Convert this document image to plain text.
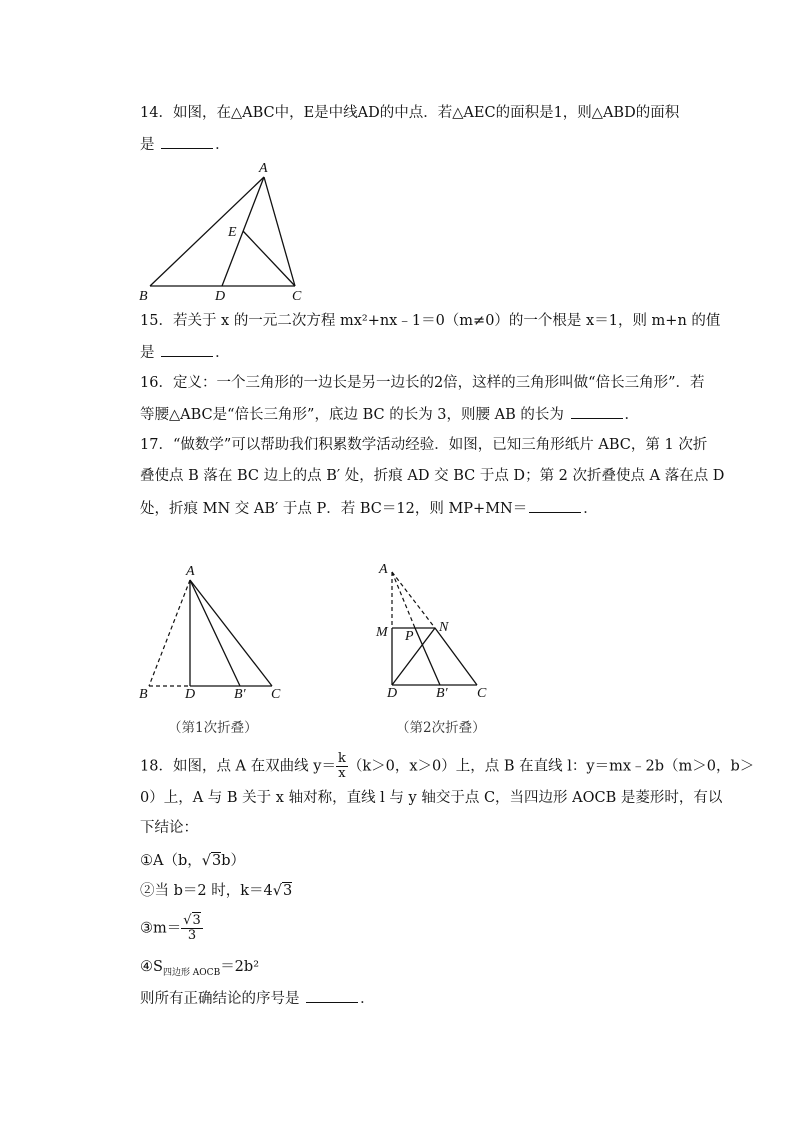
14．如图，在△ABC中，E是中线AD的中点．若△AEC的面积是1，则△ABD的面积
是	．
A
B	C
D
E
A
B	D	B′ C
A
M P
N
D	B′ C
15．若关于 x 的一元二次方程 mx²+nx﹣1＝0（m≠0）的一个根是 x＝1，则 m+n 的值
是	．
16．定义：一个三角形的一边长是另一边长的2倍，这样的三角形叫做“倍长三角形”．若
等腰△ABC是“倍长三角形”，底边 BC 的长为 3，则腰 AB 的长为	．
17．“做数学”可以帮助我们积累数学活动经验．如图，已知三角形纸片 ABC，第 1 次折
叠使点 B 落在 BC 边上的点 B′ 处，折痕 AD 交 BC 于点 D；第 2 次折叠使点 A 落在点 D
处，折痕 MN 交 AB′ 于点 P．若 BC＝12，则 MP+MN＝	．
（第1次折叠）	（第2次折叠）
18．如图，点 A 在双曲线 $y= \frac{k}{x} (k>0$，x＞0）上，点 B 在直线 l：y＝mx﹣2b（m＞0，b＞
0）上，A 与 B 关于 x 轴对称，直线 l 与 y 轴交于点 C，当四边形 AOCB 是菱形时，有以
下结论：
①A（b，√3b）
②当 b＝2 时，k＝4√3
③m＝ $\frac{√3}{3}$
$④S_{四边形 AOCB}=2b^2$
则所有正确结论的序号是	．
